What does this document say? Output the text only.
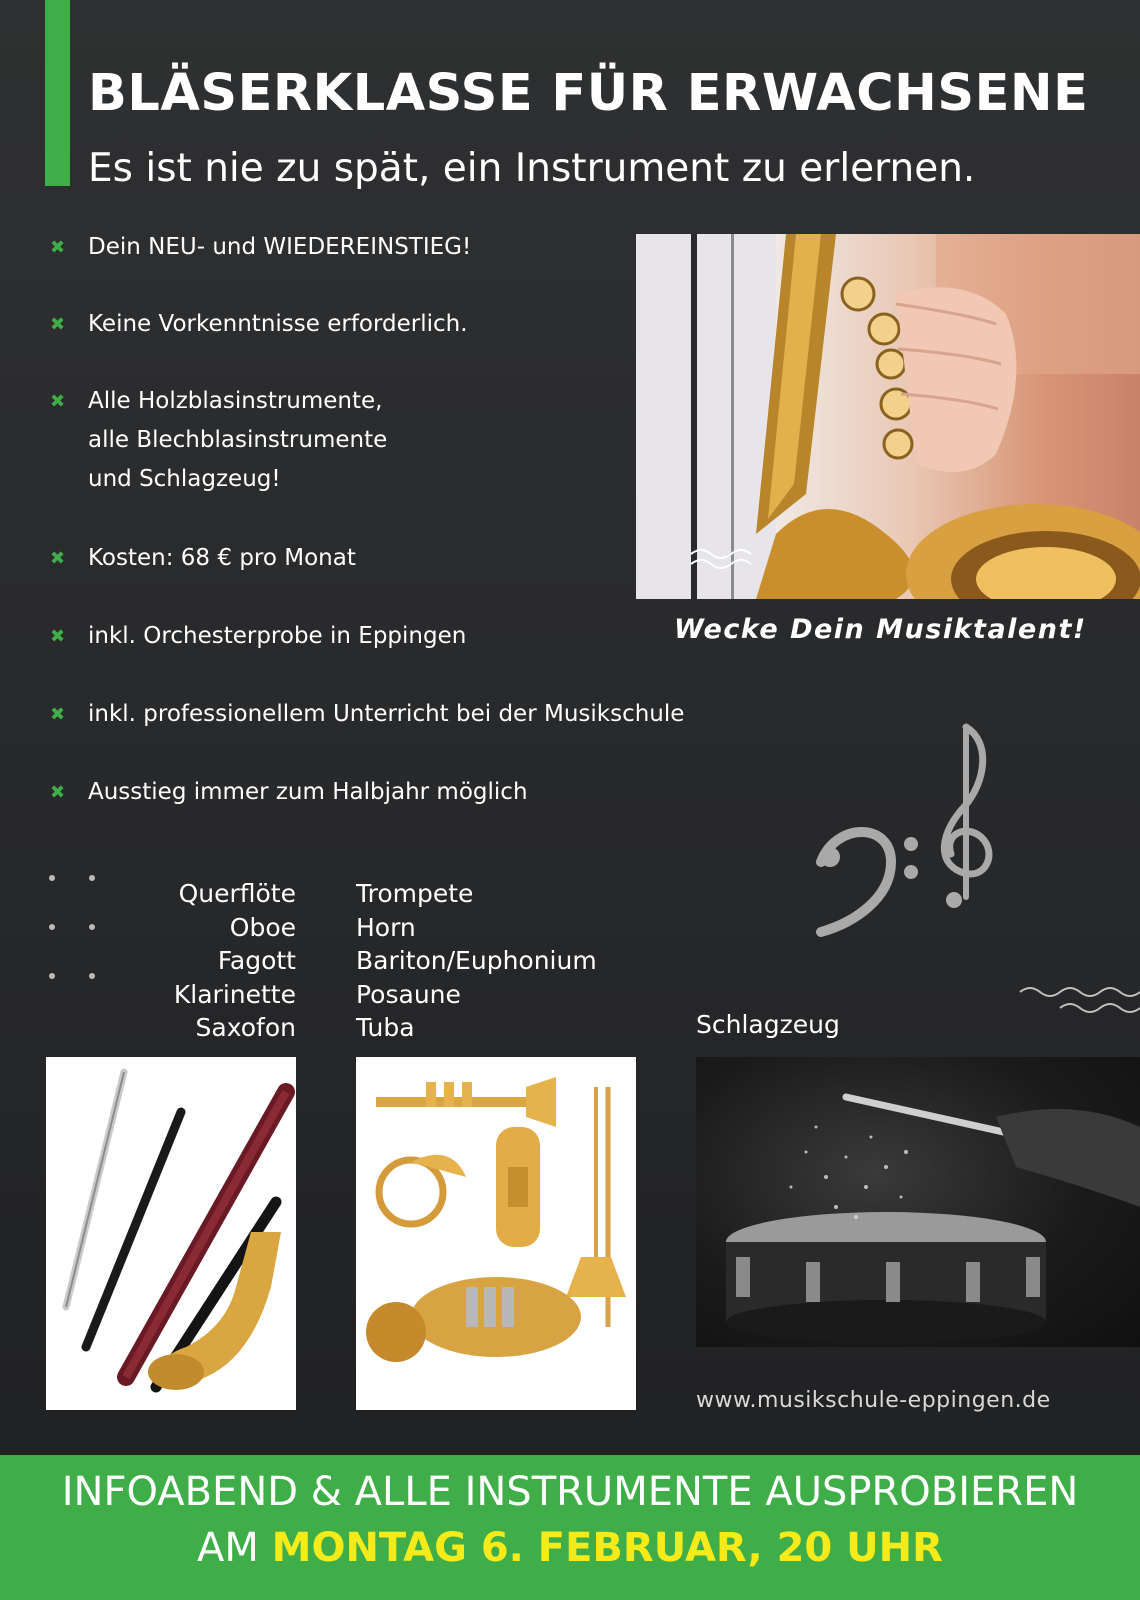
BLÄSERKLASSE FÜR ERWACHSENE

Es ist nie zu spät, ein Instrument zu erlernen.

✖ Dein NEU- und WIEDEREINSTIEG!
✖ Keine Vorkenntnisse erforderlich.
✖ Alle Holzblasinstrumente,
alle Blechblasinstrumente
und Schlagzeug!
✖ Kosten: 68 € pro Monat
✖ inkl. Orchesterprobe in Eppingen
✖ inkl. professionellem Unterricht bei der Musikschule
✖ Ausstieg immer zum Halbjahr möglich

Wecke Dein Musiktalent!

Querflöte
Oboe
Fagott
Klarinette
Saxofon
Trompete
Horn
Bariton/Euphonium
Posaune
Tuba	Schlagzeug

www.musikschule-eppingen.de

INFOABEND & ALLE INSTRUMENTE AUSPROBIEREN

AM MONTAG 6. FEBRUAR, 20 UHR
